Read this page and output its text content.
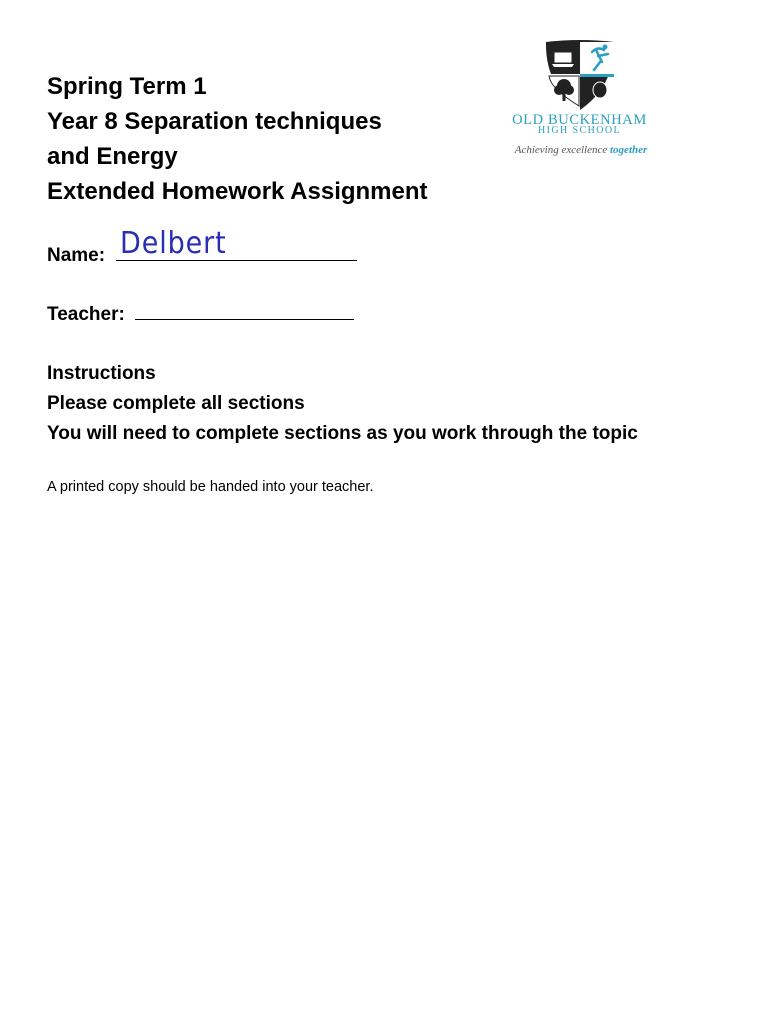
Spring Term 1
Year 8 Separation techniques
and Energy
Extended Homework Assignment
OLD BUCKENHAM
HIGH SCHOOL
Achieving excellence together
Name: Delbert
Teacher:
Instructions
Please complete all sections
You will need to complete sections as you work through the topic
A printed copy should be handed into your teacher.
